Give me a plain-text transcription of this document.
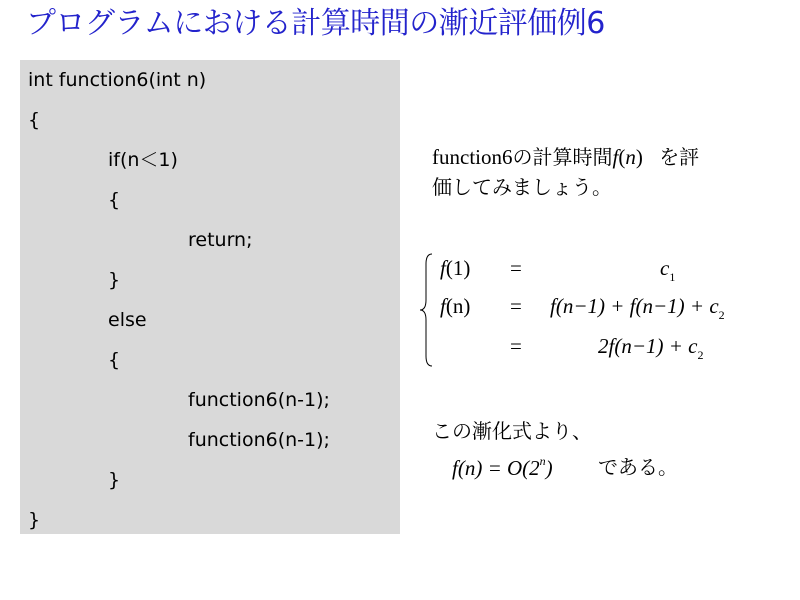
プログラムにおける計算時間の漸近評価例6
int function6(int n)
{
if(n＜1)
{
return;
}
else
{
function6(n-1);
function6(n-1);
}
}
function6の計算時間f(n) を評
価してみましょう。
f(1) =	$c_1$
$f(n) = f(n-1) + f(n-1) + c_2$
=	$2f(n-1) + c_2$
この漸化式より、
$f(n) = O(2^n)$ である。
